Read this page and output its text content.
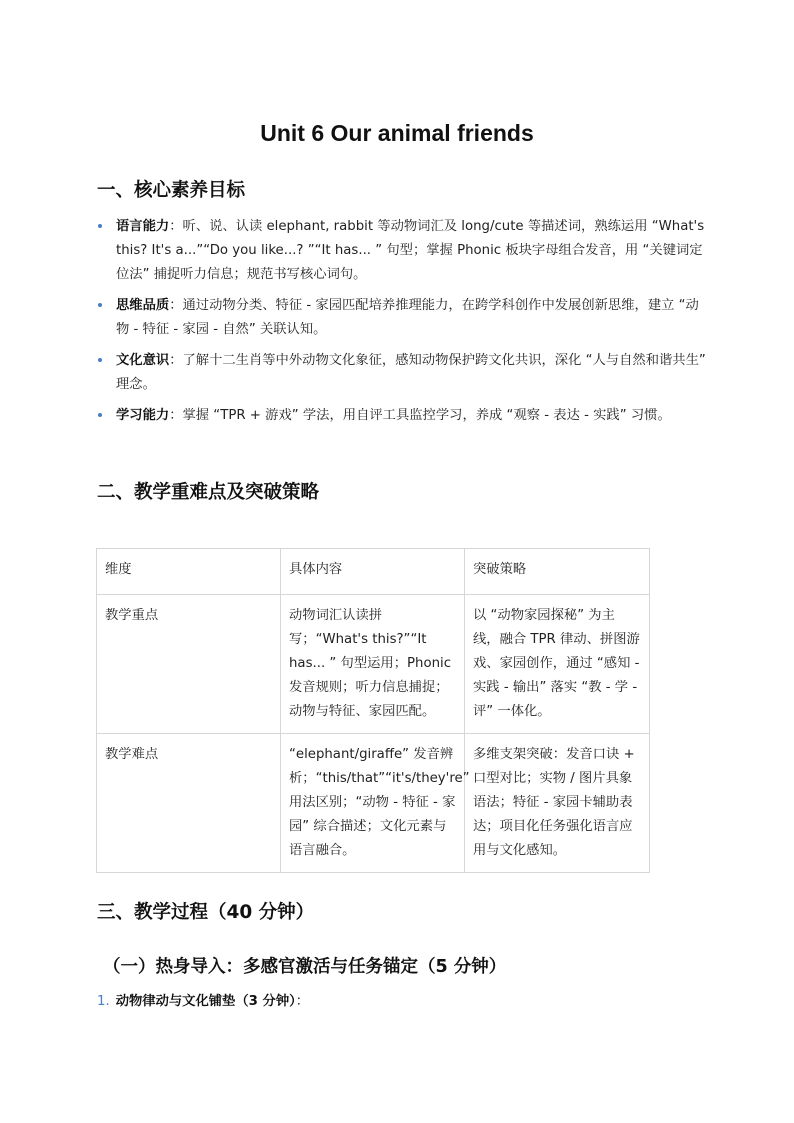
Unit 6 Our animal friends
一、核心素养目标
语言能力：听、说、认读 elephant, rabbit 等动物词汇及 long/cute 等描述词，熟练运用 “What's this? It's a...”“Do you like...? ”“It has... ” 句型；掌握 Phonic 板块字母组合发音，用 “关键词定位法” 捕捉听力信息；规范书写核心词句。
思维品质：通过动物分类、特征 - 家园匹配培养推理能力，在跨学科创作中发展创新思维，建立 “动物 - 特征 - 家园 - 自然” 关联认知。
文化意识：了解十二生肖等中外动物文化象征，感知动物保护跨文化共识，深化 “人与自然和谐共生” 理念。
学习能力：掌握 “TPR + 游戏” 学法，用自评工具监控学习，养成 “观察 - 表达 - 实践” 习惯。
二、教学重难点及突破策略
维度	具体内容	突破策略
教学重点	动物词汇认读拼写；“What's this?”“It has... ” 句型运用；Phonic 发音规则；听力信息捕捉；动物与特征、家园匹配。	以 “动物家园探秘” 为主线，融合 TPR 律动、拼图游戏、家园创作，通过 “感知 - 实践 - 输出” 落实 “教 - 学 - 评” 一体化。
教学难点	“elephant/giraffe” 发音辨析；“this/that”“it's/they're” 用法区别；“动物 - 特征 - 家园” 综合描述；文化元素与语言融合。	多维支架突破：发音口诀 + 口型对比；实物 / 图片具象语法；特征 - 家园卡辅助表达；项目化任务强化语言应用与文化感知。
三、教学过程（40 分钟）
（一）热身导入：多感官激活与任务锚定（5 分钟）
1. 动物律动与文化铺垫（3 分钟）：
